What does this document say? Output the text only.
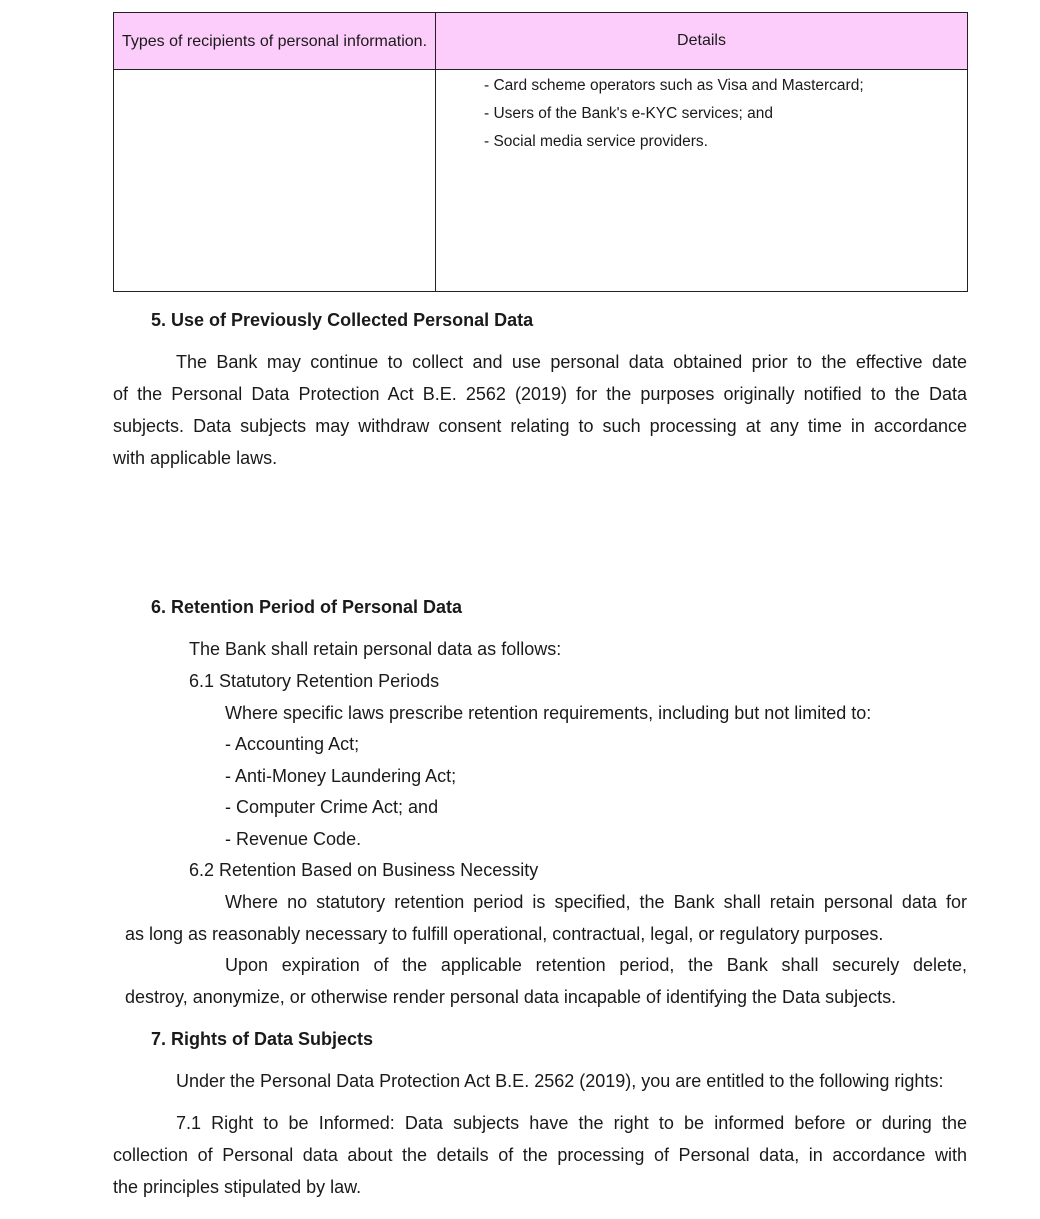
Types of recipients of personal information.	Details
- Card scheme operators such as Visa and Mastercard;
- Users of the Bank's e-KYC services; and
- Social media service providers.
5. Use of Previously Collected Personal Data
The Bank may continue to collect and use personal data obtained prior to the effective date
of the Personal Data Protection Act B.E. 2562 (2019) for the purposes originally notified to the Data
subjects. Data subjects may withdraw consent relating to such processing at any time in accordance
with applicable laws.
6. Retention Period of Personal Data
The Bank shall retain personal data as follows:
6.1 Statutory Retention Periods
Where specific laws prescribe retention requirements, including but not limited to:
- Accounting Act;
- Anti-Money Laundering Act;
- Computer Crime Act; and
- Revenue Code.
6.2 Retention Based on Business Necessity
Where no statutory retention period is specified, the Bank shall retain personal data for
as long as reasonably necessary to fulfill operational, contractual, legal, or regulatory purposes.
Upon expiration of the applicable retention period, the Bank shall securely delete,
destroy, anonymize, or otherwise render personal data incapable of identifying the Data subjects.
7. Rights of Data Subjects
Under the Personal Data Protection Act B.E. 2562 (2019), you are entitled to the following rights:
7.1 Right to be Informed: Data subjects have the right to be informed before or during the
collection of Personal data about the details of the processing of Personal data, in accordance with
the principles stipulated by law.
